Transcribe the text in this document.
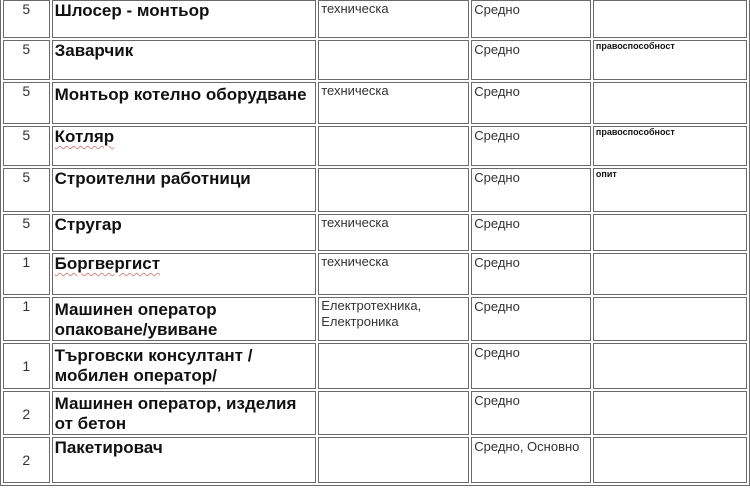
5	Шлосер - монтьор	техническа	Средно	
5	Заварчик		Средно	правоспособност
5	Монтьор котелно оборудване	техническа	Средно	
5	Котляр		Средно	правоспособност
5	Строителни работници		Средно	опит
5	Стругар	техническа	Средно	
1	Боргвергист	техническа	Средно	
1	Машинен оператор опаковане/увиване	Електротехника, Електроника	Средно	
1	Търговски консултант /мобилен оператор/		Средно	
2	Машинен оператор, изделия от бетон		Средно	
2	Пакетировач		Средно, Основно	
